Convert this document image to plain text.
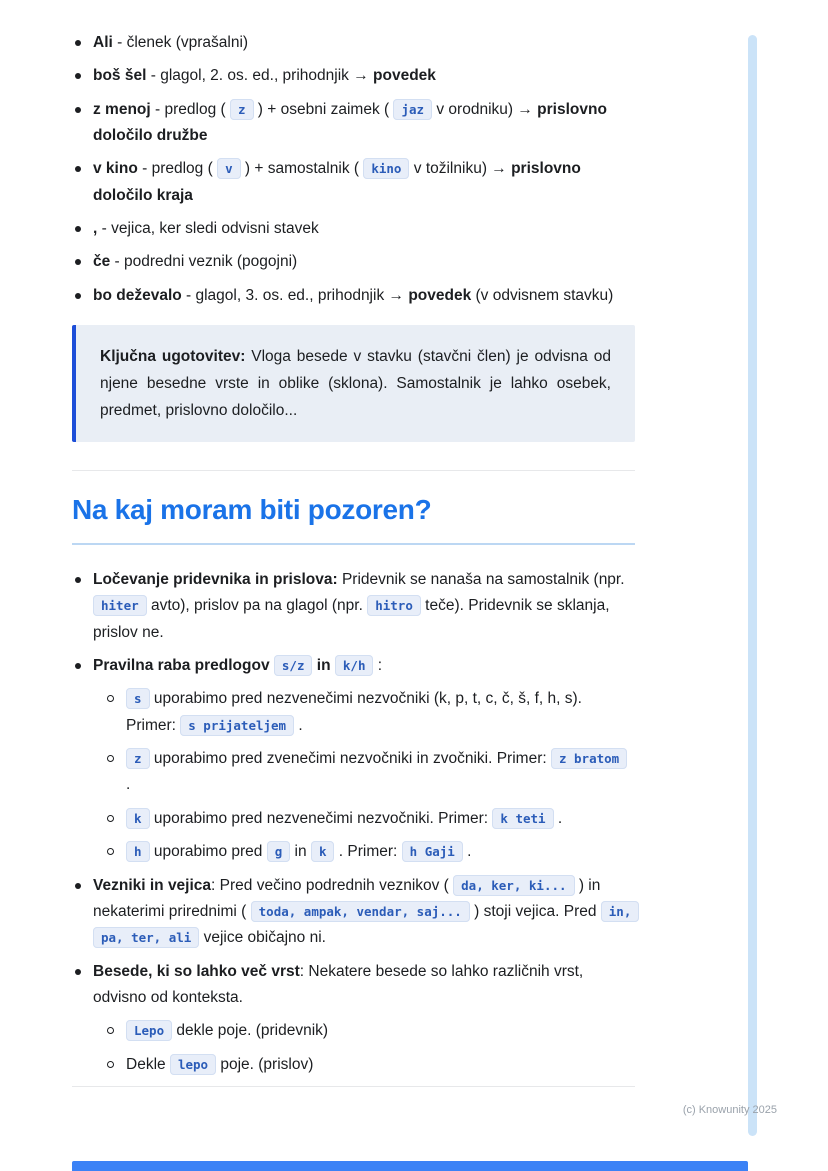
Ali - členek (vprašalni)
boš šel - glagol, 2. os. ed., prihodnjik → povedek
z menoj - predlog ( z ) + osebni zaimek ( jaz v orodniku) → prislovno določilo družbe
v kino - predlog ( v ) + samostalnik ( kino v tožilniku) → prislovno določilo kraja
, - vejica, ker sledi odvisni stavek
če - podredni veznik (pogojni)
bo deževalo - glagol, 3. os. ed., prihodnjik → povedek (v odvisnem stavku)

Ključna ugotovitev: Vloga besede v stavku (stavčni člen) je odvisna od njene besedne vrste in oblike (sklona). Samostalnik je lahko osebek, predmet, prislovno določilo...

Na kaj moram biti pozoren?
Ločevanje pridevnika in prislova: Pridevnik se nanaša na samostalnik (npr. hiter avto), prislov pa na glagol (npr. hitro teče). Pridevnik se sklanja, prislov ne.
Pravilna raba predlogov s/z in k/h :
s uporabimo pred nezvenečimi nezvočniki (k, p, t, c, č, š, f, h, s). Primer: s prijateljem .
z uporabimo pred zvenečimi nezvočniki in zvočniki. Primer: z bratom .
k uporabimo pred nezvenečimi nezvočniki. Primer: k teti .
h uporabimo pred g in k . Primer: h Gaji .
Vezniki in vejica: Pred večino podrednih veznikov ( da, ker, ki... ) in nekaterimi prirednimi ( toda, ampak, vendar, saj... ) stoji vejica. Pred in, pa, ter, ali vejice običajno ni.
Besede, ki so lahko več vrst: Nekatere besede so lahko različnih vrst, odvisno od konteksta.
Lepo dekle poje. (pridevnik)
Dekle lepo poje. (prislov)
(c) Knowunity 2025
